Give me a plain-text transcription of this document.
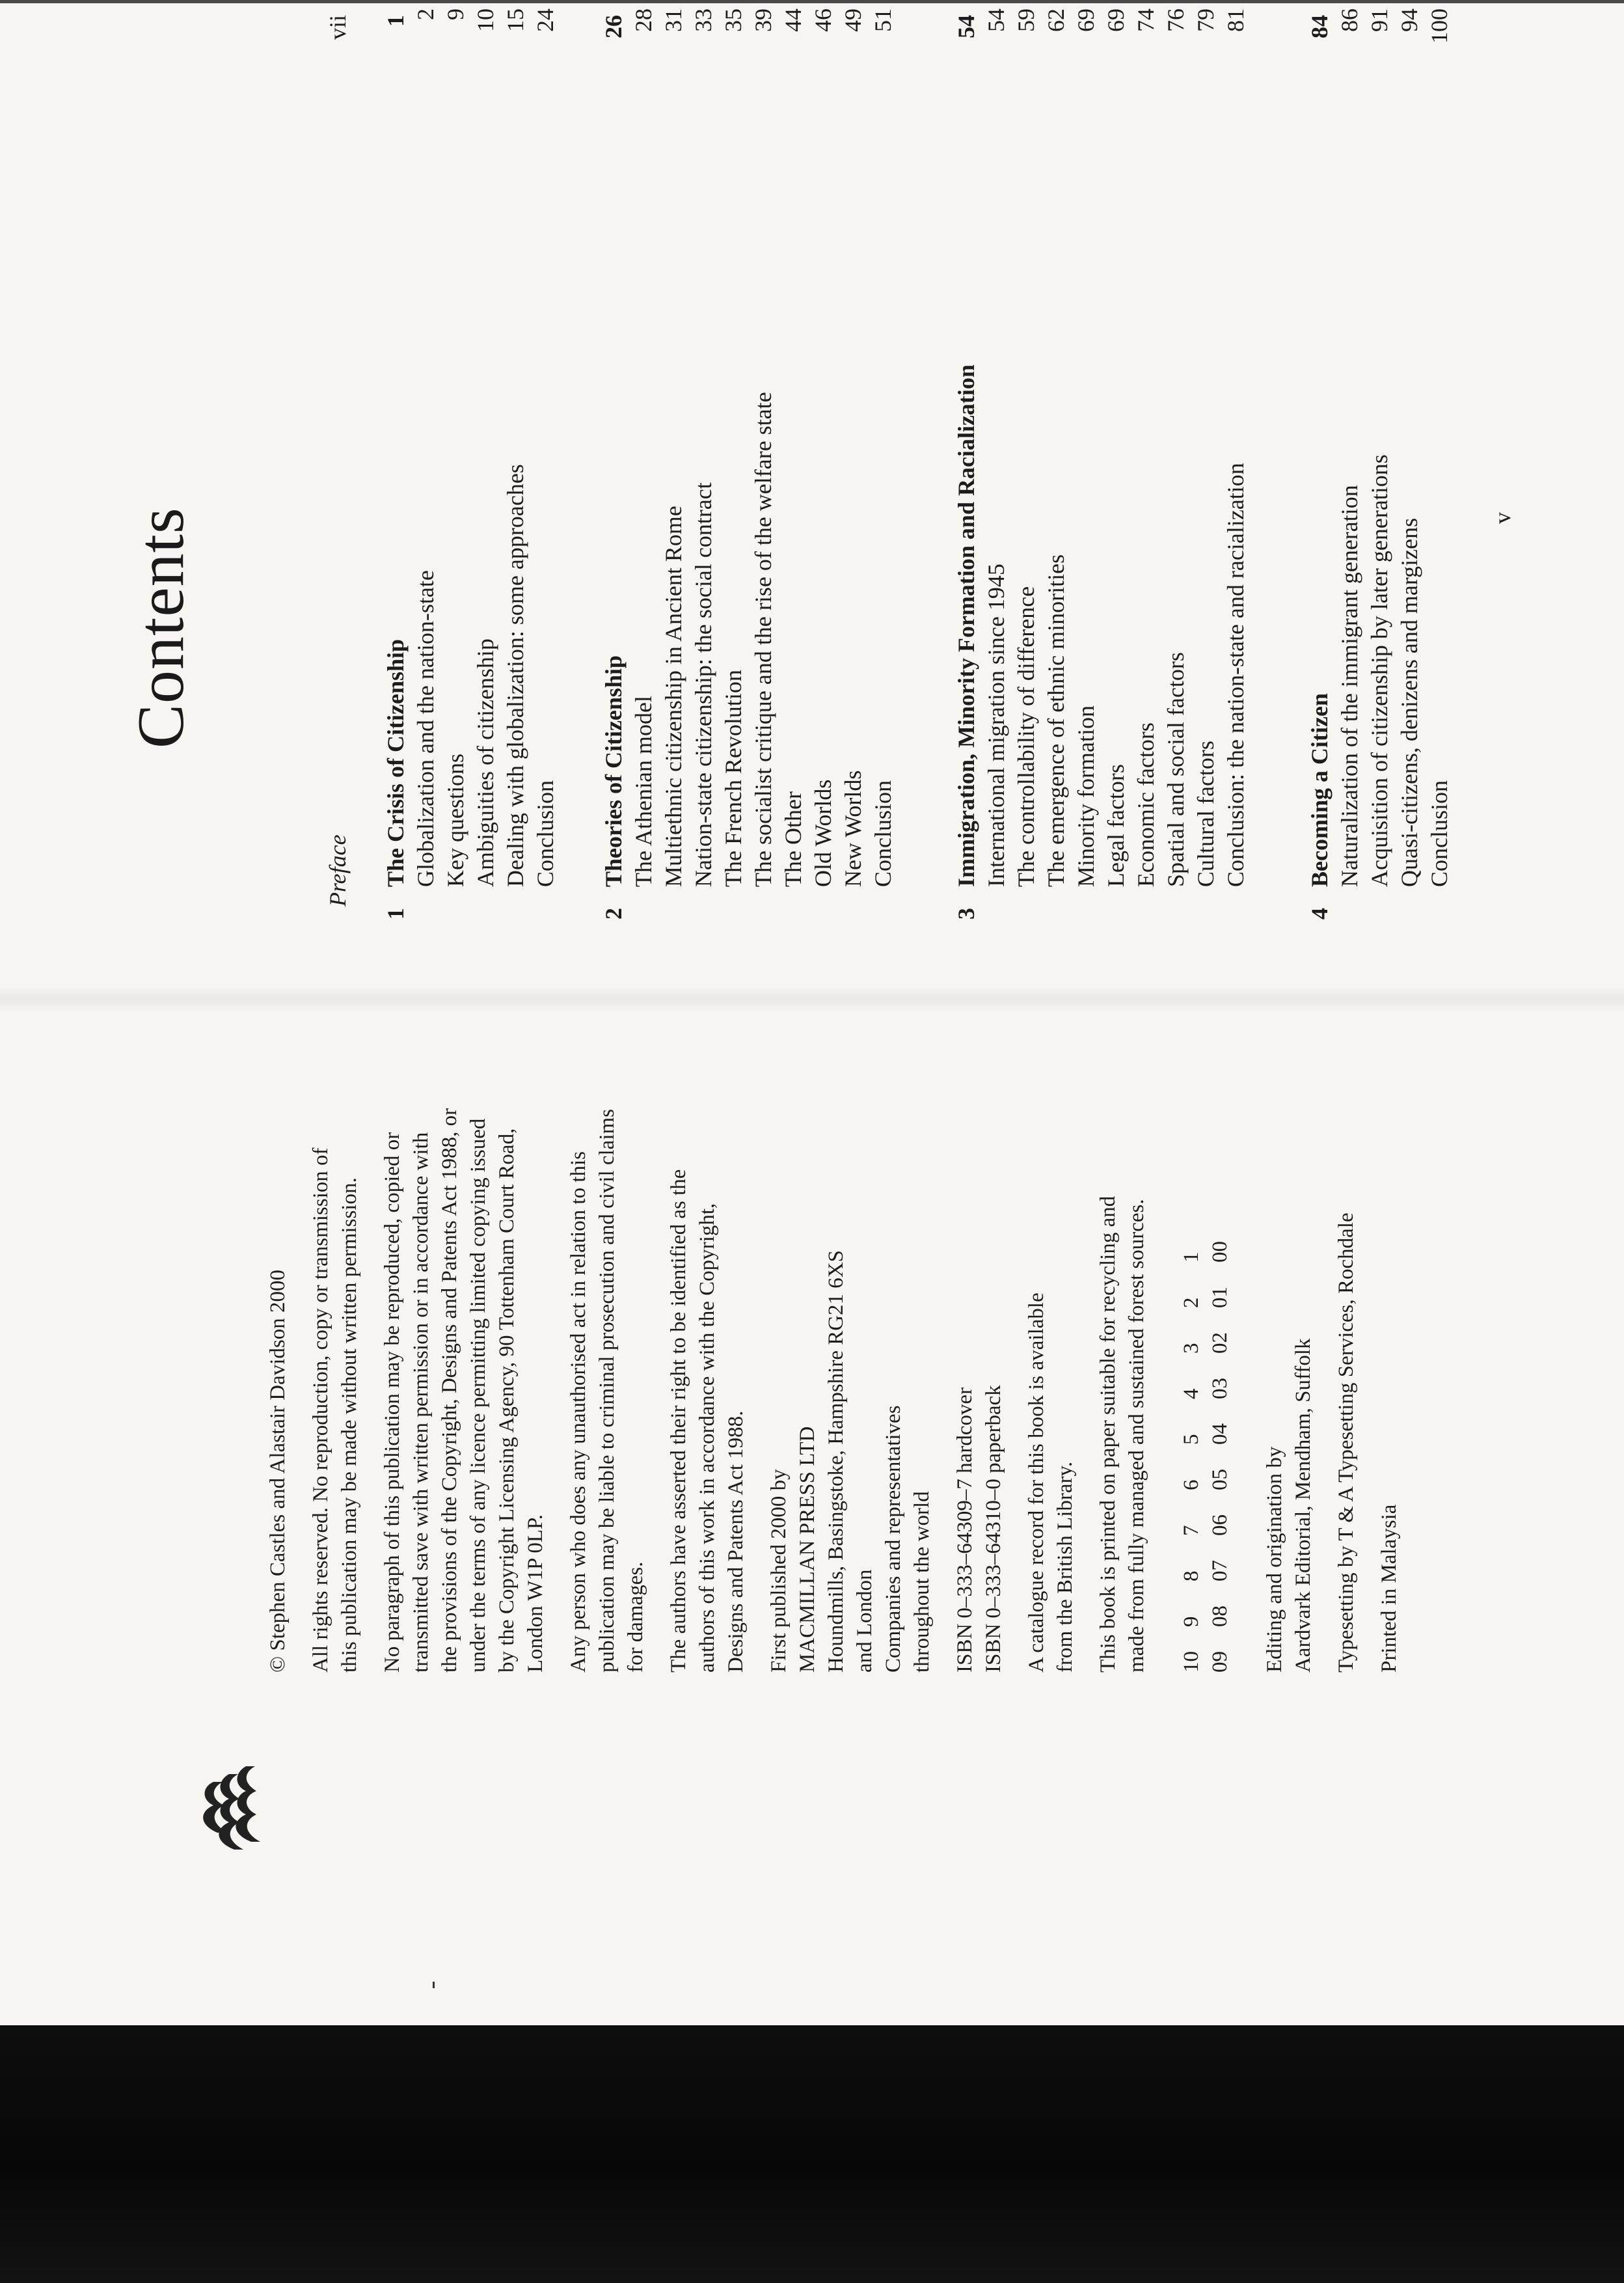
© Stephen Castles and Alastair Davidson 2000 All rights reserved. No reproduction, copy or transmission of this publication may be made without written permission. No paragraph of this publication may be reproduced, copied or transmitted save with written permission or in accordance with the provisions of the Copyright, Designs and Patents Act 1988, or under the terms of any licence permitting limited copying issued by the Copyright Licensing Agency, 90 Tottenham Court Road, London W1P 0LP. Any person who does any unauthorised act in relation to this publication may be liable to criminal prosecution and civil claims for damages. The authors have asserted their right to be identified as the authors of this work in accordance with the Copyright, Designs and Patents Act 1988. First published 2000 by MACMILLAN PRESS LTD Houndmills, Basingstoke, Hampshire RG21 6XS and London Companies and representatives throughout the world ISBN 0–333–64309–7 hardcover ISBN 0–333–64310–0 paperback A catalogue record for this book is available from the British Library. This book is printed on paper suitable for recycling and made from fully managed and sustained forest sources. 10
9
8
7
6
5
4
3
2
1
09
08
07
06
05
04
03
02
01
00

Editing and origination by Aardvark Editorial, Mendham, Suffolk Typesetting by T & A Typesetting Services, Rochdale Printed in Malaysia

Contents
Preface
vii
1
The Crisis of Citizenship
1
Globalization and the nation-state
2
Key questions
9
Ambiguities of citizenship
10
Dealing with globalization: some approaches
15
Conclusion
24
2
Theories of Citizenship
26
The Athenian model
28
Multiethnic citizenship in Ancient Rome
31
Nation-state citizenship: the social contract
33
The French Revolution
35
The socialist critique and the rise of the welfare state
39
The Other
44
Old Worlds
46
New Worlds
49
Conclusion
51
3
Immigration, Minority Formation and Racialization
54
International migration since 1945
54
The controllability of difference
59
The emergence of ethnic minorities
62
Minority formation
69
Legal factors
69
Economic factors
74
Spatial and social factors
76
Cultural factors
79
Conclusion: the nation-state and racialization
81
4
Becoming a Citizen
84
Naturalization of the immigrant generation
86
Acquisition of citizenship by later generations
91
Quasi-citizens, denizens and margizens
94
Conclusion
100
v
